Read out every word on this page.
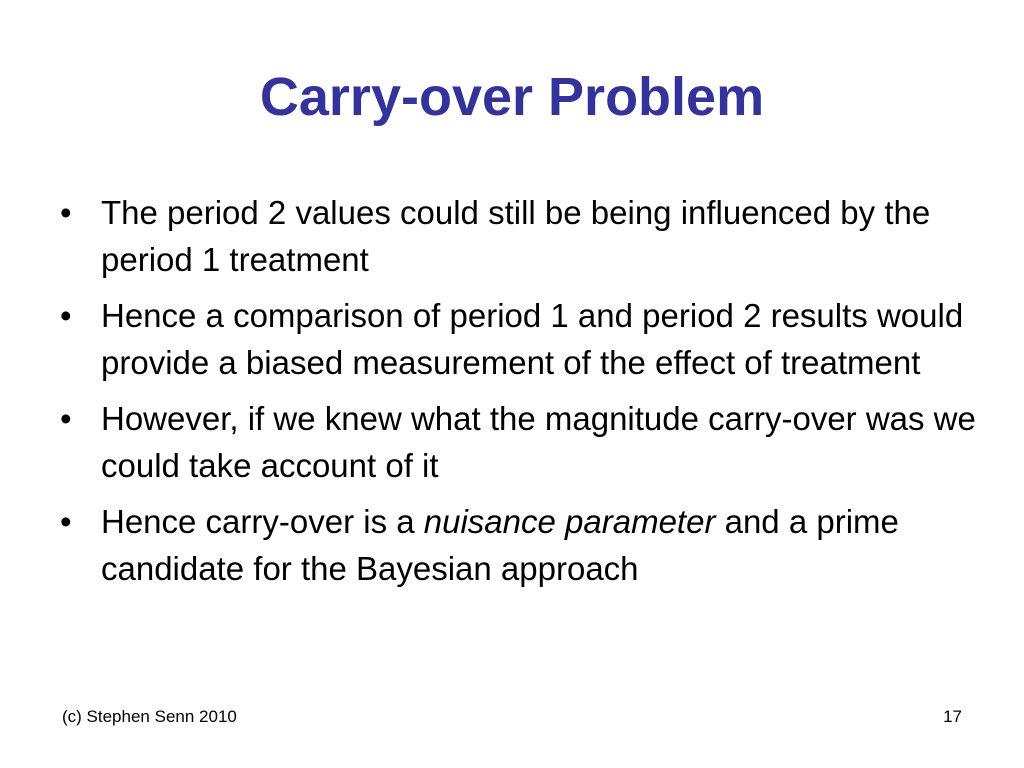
Carry-over Problem
• The period 2 values could still be being influenced by the period 1 treatment
• Hence a comparison of period 1 and period 2 results would provide a biased measurement of the effect of treatment
• However, if we knew what the magnitude carry-over was we could take account of it
• Hence carry-over is a nuisance parameter and a prime candidate for the Bayesian approach
(c) Stephen Senn 2010	17
